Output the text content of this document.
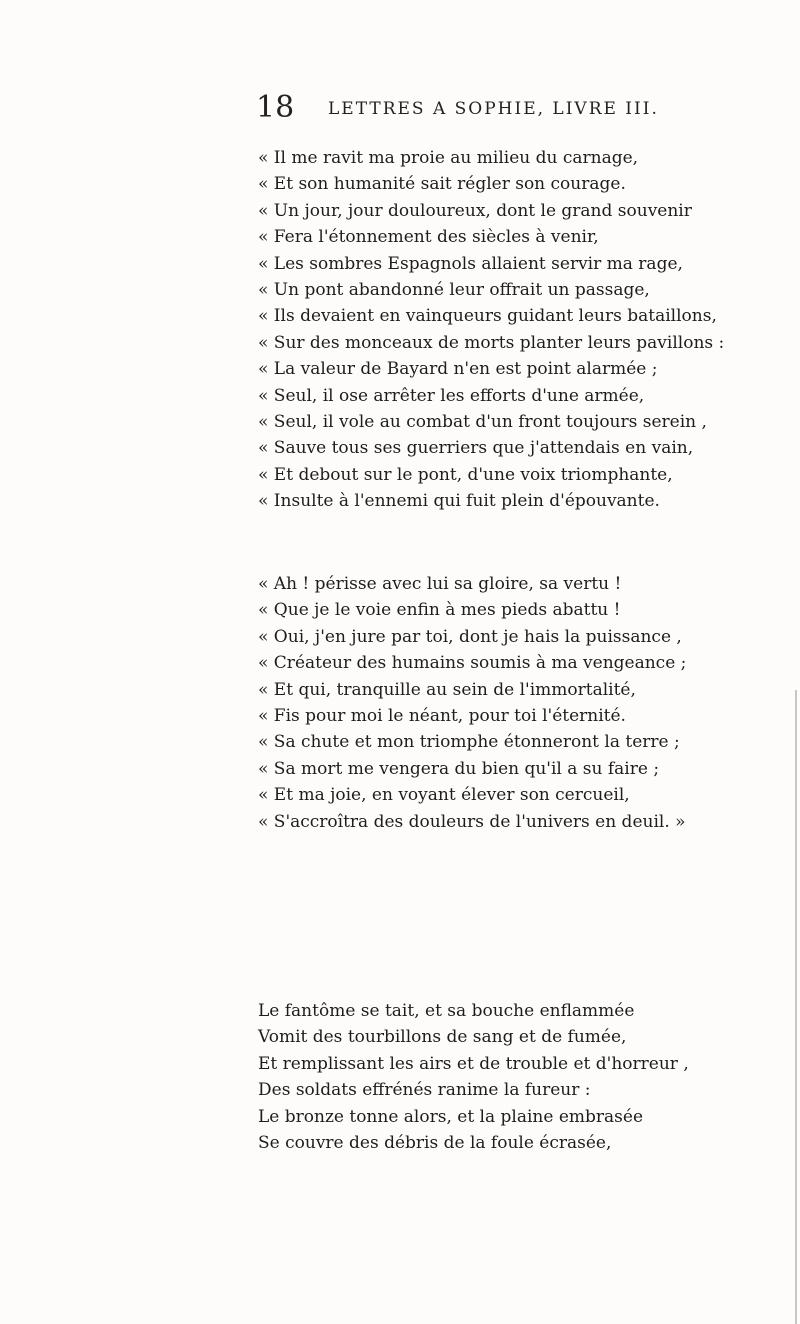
18 LETTRES A SOPHIE, LIVRE III.
« Il me ravit ma proie au milieu du carnage,
« Et son humanité sait régler son courage.
« Un jour, jour douloureux, dont le grand souvenir
« Fera l'étonnement des siècles à venir,
« Les sombres Espagnols allaient servir ma rage,
« Un pont abandonné leur offrait un passage,
« Ils devaient en vainqueurs guidant leurs bataillons,
« Sur des monceaux de morts planter leurs pavillons :
« La valeur de Bayard n'en est point alarmée ;
« Seul, il ose arrêter les efforts d'une armée,
« Seul, il vole au combat d'un front toujours serein ,
« Sauve tous ses guerriers que j'attendais en vain,
« Et debout sur le pont, d'une voix triomphante,
« Insulte à l'ennemi qui fuit plein d'épouvante.
« Ah ! périsse avec lui sa gloire, sa vertu !
« Que je le voie enfin à mes pieds abattu !
« Oui, j'en jure par toi, dont je hais la puissance ,
« Créateur des humains soumis à ma vengeance ;
« Et qui, tranquille au sein de l'immortalité,
« Fis pour moi le néant, pour toi l'éternité.
« Sa chute et mon triomphe étonneront la terre ;
« Sa mort me vengera du bien qu'il a su faire ;
« Et ma joie, en voyant élever son cercueil,
« S'accroîtra des douleurs de l'univers en deuil. »
Le fantôme se tait, et sa bouche enflammée
Vomit des tourbillons de sang et de fumée,
Et remplissant les airs et de trouble et d'horreur ,
Des soldats effrénés ranime la fureur :
Le bronze tonne alors, et la plaine embrasée
Se couvre des débris de la foule écrasée,
